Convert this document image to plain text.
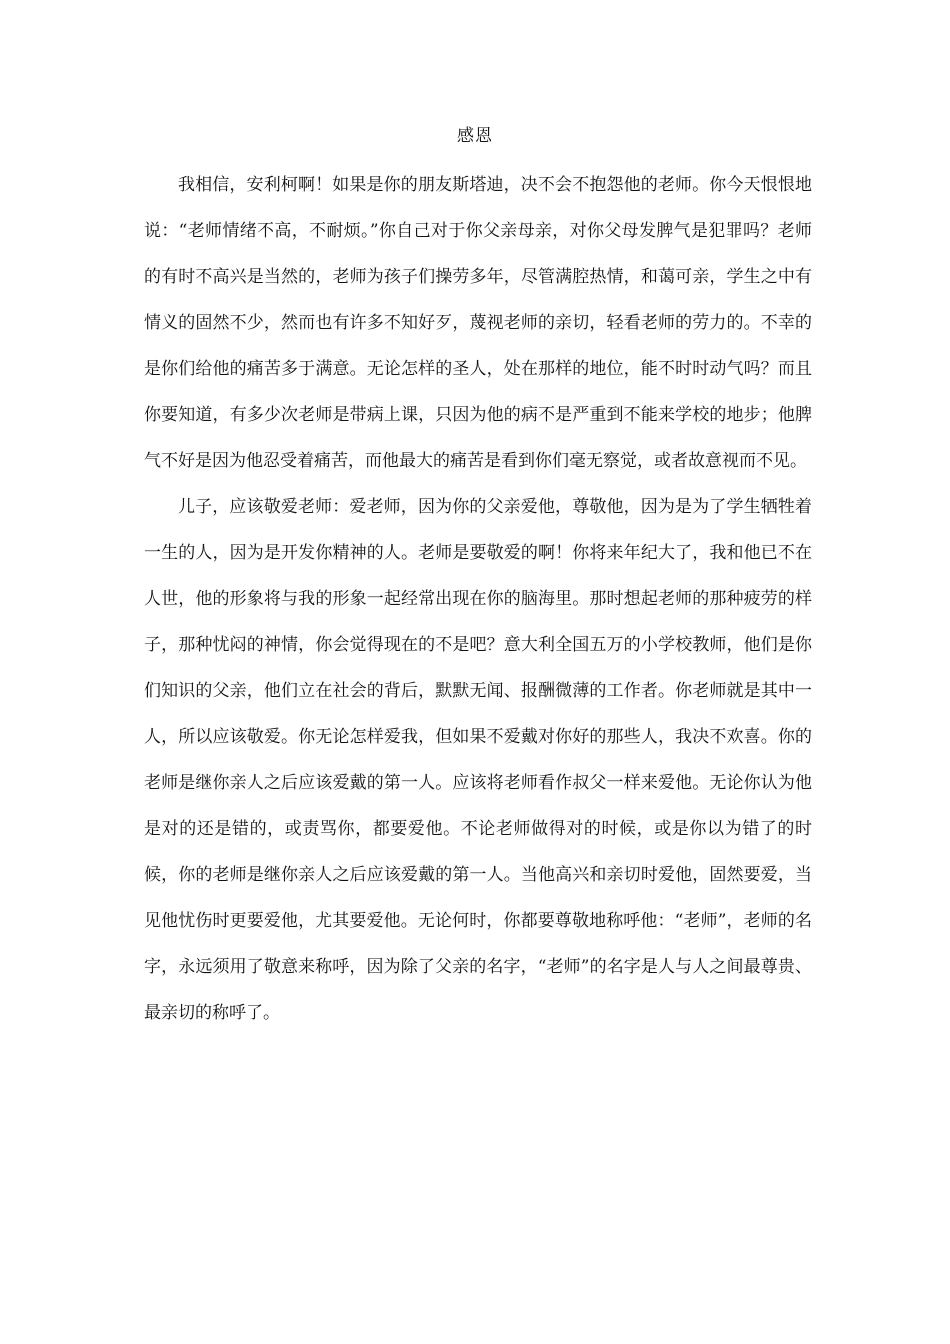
感恩

我相信，安利柯啊！如果是你的朋友斯塔迪，决不会不抱怨他的老师。你今天恨恨地说：“老师情绪不高，不耐烦。”你自己对于你父亲母亲，对你父母发脾气是犯罪吗？老师的有时不高兴是当然的，老师为孩子们操劳多年，尽管满腔热情，和蔼可亲，学生之中有情义的固然不少，然而也有许多不知好歹，蔑视老师的亲切，轻看老师的劳力的。不幸的是你们给他的痛苦多于满意。无论怎样的圣人，处在那样的地位，能不时时动气吗？而且你要知道，有多少次老师是带病上课，只因为他的病不是严重到不能来学校的地步；他脾气不好是因为他忍受着痛苦，而他最大的痛苦是看到你们毫无察觉，或者故意视而不见。

儿子，应该敬爱老师：爱老师，因为你的父亲爱他，尊敬他，因为是为了学生牺牲着一生的人，因为是开发你精神的人。老师是要敬爱的啊！你将来年纪大了，我和他已不在人世，他的形象将与我的形象一起经常出现在你的脑海里。那时想起老师的那种疲劳的样子，那种忧闷的神情，你会觉得现在的不是吧？意大利全国五万的小学校教师，他们是你们知识的父亲，他们立在社会的背后，默默无闻、报酬微薄的工作者。你老师就是其中一人，所以应该敬爱。你无论怎样爱我，但如果不爱戴对你好的那些人，我决不欢喜。你的老师是继你亲人之后应该爱戴的第一人。应该将老师看作叔父一样来爱他。无论你认为他是对的还是错的，或责骂你，都要爱他。不论老师做得对的时候，或是你以为错了的时候，你的老师是继你亲人之后应该爱戴的第一人。当他高兴和亲切时爱他，固然要爱，当见他忧伤时更要爱他，尤其要爱他。无论何时，你都要尊敬地称呼他：“老师”，老师的名字，永远须用了敬意来称呼，因为除了父亲的名字，“老师”的名字是人与人之间最尊贵、最亲切的称呼了。
